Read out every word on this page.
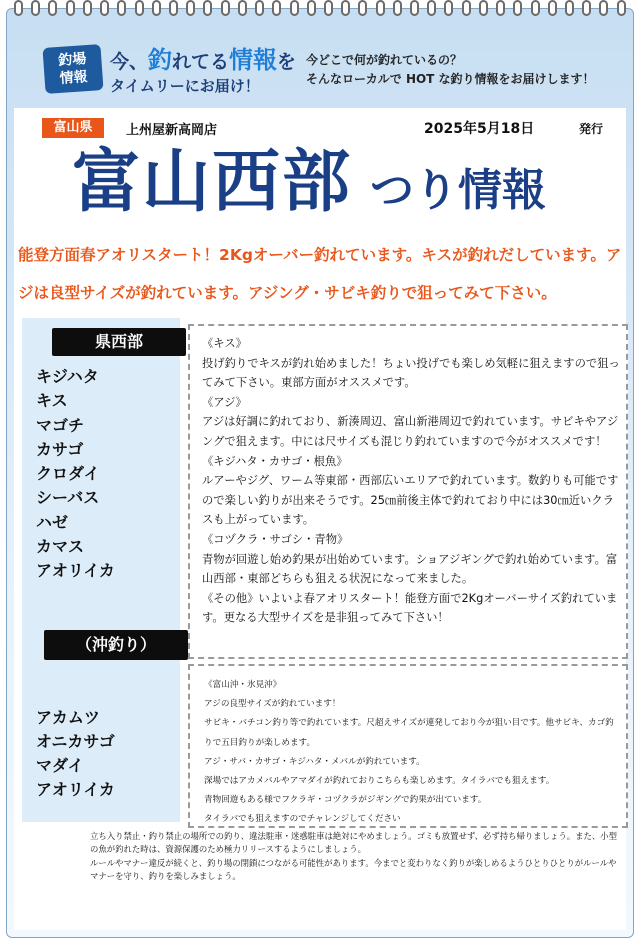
釣場
情報
今、釣れてる情報を
タイムリーにお届け！
今どこで何が釣れているの？
そんなローカルで HOT な釣り情報をお届けします！
富山県	上州屋新高岡店	2025年5月18日	発行
富山西部 つり情報
能登方面春アオリスタート！2Kgオーバー釣れています。キスが釣れだしています。アジは良型サイズが釣れています。アジング・サビキ釣りで狙ってみて下さい。
県西部
キジハタ
キス
マゴチ
カサゴ
クロダイ
シーバス
ハゼ
カマス
アオリイカ
（沖釣り）
アカムツ
オニカサゴ
マダイ
アオリイカ
《キス》
投げ釣りでキスが釣れ始めました！ちょい投げでも楽しめ気軽に狙えますので狙ってみて下さい。東部方面がオススメです。
《アジ》
アジは好調に釣れており、新湊周辺、富山新港周辺で釣れています。サビキやアジングで狙えます。中には尺サイズも混じり釣れていますので今がオススメです！
《キジハタ・カサゴ・根魚》
ルアーやジグ、ワーム等東部・西部広いエリアで釣れています。数釣りも可能ですので楽しい釣りが出来そうです。25㎝前後主体で釣れており中には30㎝近いクラスも上がっています。
《コヅクラ・サゴシ・青物》
青物が回遊し始め釣果が出始めています。ショアジギングで釣れ始めています。富山西部・東部どちらも狙える状況になって来ました。
《その他》いよいよ春アオリスタート！能登方面で2Kgオーバーサイズ釣れています。更なる大型サイズを是非狙ってみて下さい！
《富山沖・氷見沖》
アジの良型サイズが釣れています！
サビキ・バチコン釣り等で釣れています。尺超えサイズが連発しており今が狙い目です。他サビキ、カゴ釣りで五目釣りが楽しめます。
アジ・サバ・カサゴ・キジハタ・メバルが釣れています。
深場ではアカメバルやアマダイが釣れておりこちらも楽しめます。タイラバでも狙えます。
青物回遊もある様でフクラギ・コヅクラがジギングで釣果が出ています。
タイラバでも狙えますのでチャレンジしてください
立ち入り禁止・釣り禁止の場所での釣り、違法駐車・迷惑駐車は絶対にやめましょう。ゴミも放置せず、必ず持ち帰りましょう。また、小型の魚が釣れた時は、資源保護のため極力リリースするようにしましょう。
ルールやマナー違反が続くと、釣り場の閉鎖につながる可能性があります。今までと変わりなく釣りが楽しめるようひとりひとりがルールやマナーを守り、釣りを楽しみましょう。
